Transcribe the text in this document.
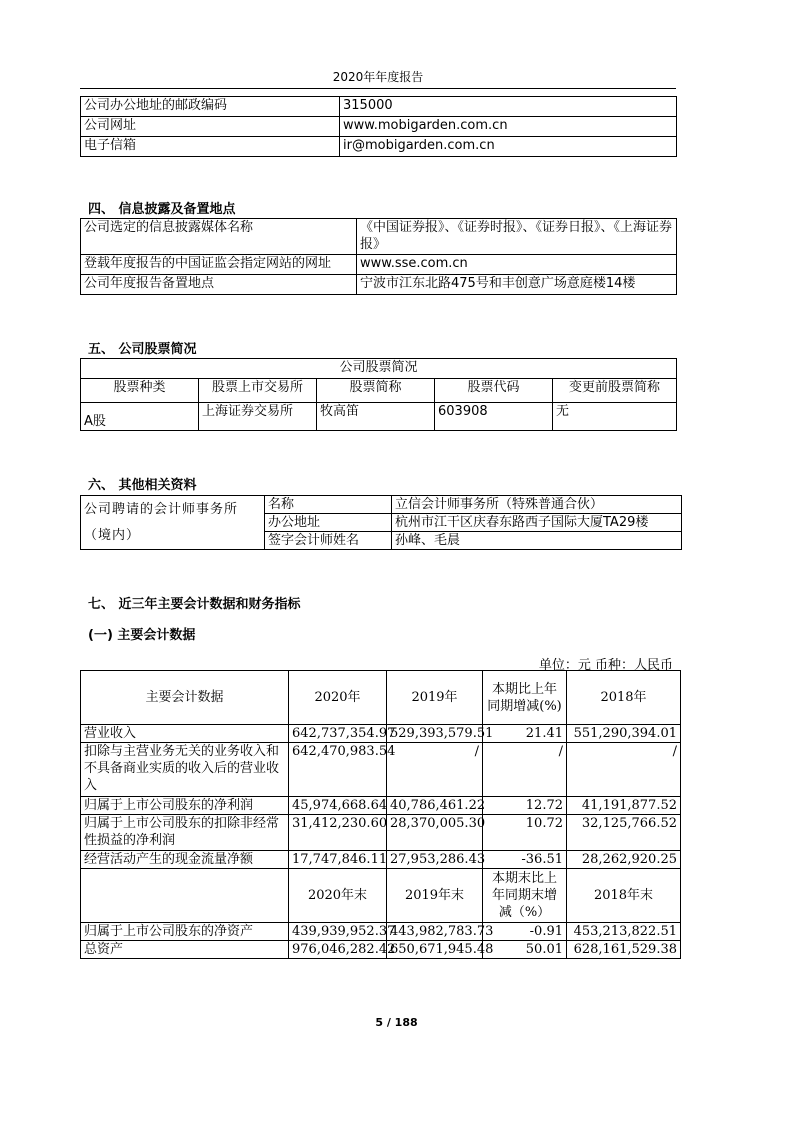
2020年年度报告
公司办公地址的邮政编码	315000
公司网址	www.mobigarden.com.cn
电子信箱	ir@mobigarden.com.cn
四、 信息披露及备置地点
公司选定的信息披露媒体名称	《中国证券报》、《证券时报》、《证券日报》、《上海证券报》
登载年度报告的中国证监会指定网站的网址	www.sse.com.cn
公司年度报告备置地点	宁波市江东北路475号和丰创意广场意庭楼14楼
五、 公司股票简况
公司股票简况				
股票种类	股票上市交易所	股票简称	股票代码	变更前股票简称
A股	上海证券交易所	牧高笛	603908	无
六、 其他相关资料
公司聘请的会计师事务所（境内）	名称	立信会计师事务所（特殊普通合伙）
	办公地址	杭州市江干区庆春东路西子国际大厦TA29楼
	签字会计师姓名	孙峰、毛晨
七、 近三年主要会计数据和财务指标
(一) 主要会计数据
单位：元 币种：人民币
主要会计数据	2020年	2019年	本期比上年同期增减(%)	2018年
营业收入	642,737,354.97	529,393,579.51	21.41	551,290,394.01
扣除与主营业务无关的业务收入和不具备商业实质的收入后的营业收入	642,470,983.54	/	/	/
归属于上市公司股东的净利润	45,974,668.64	40,786,461.22	12.72	41,191,877.52
归属于上市公司股东的扣除非经常性损益的净利润	31,412,230.60	28,370,005.30	10.72	32,125,766.52
经营活动产生的现金流量净额	17,747,846.11	27,953,286.43	-36.51	28,262,920.25
	2020年末	2019年末	本期末比上年同期末增减（%）	2018年末
归属于上市公司股东的净资产	439,939,952.37	443,982,783.73	-0.91	453,213,822.51
总资产	976,046,282.42	650,671,945.48	50.01	628,161,529.38
5 / 188
